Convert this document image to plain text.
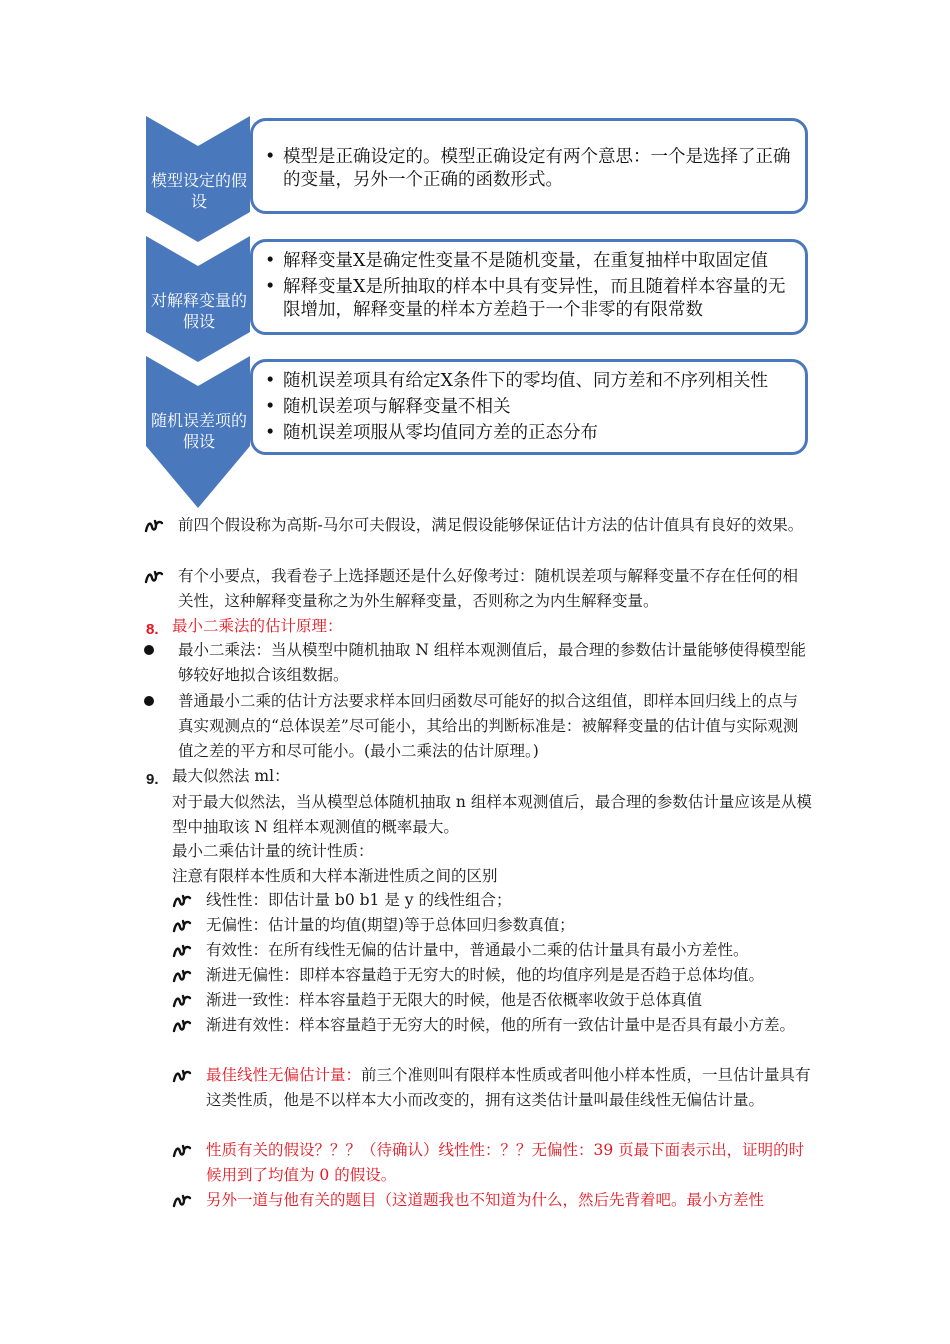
模型设定的假设
对解释变量的假设
随机误差项的假设
• 模型是正确设定的。模型正确设定有两个意思：一个是选择了正确的变量，另外一个正确的函数形式。
• 解释变量X是确定性变量不是随机变量，在重复抽样中取固定值
• 解释变量X是所抽取的样本中具有变异性，而且随着样本容量的无限增加，解释变量的样本方差趋于一个非零的有限常数
• 随机误差项具有给定X条件下的零均值、同方差和不序列相关性
• 随机误差项与解释变量不相关
• 随机误差项服从零均值同方差的正态分布
前四个假设称为高斯-马尔可夫假设，满足假设能够保证估计方法的估计值具有良好的效果。
有个小要点，我看卷子上选择题还是什么好像考过：随机误差项与解释变量不存在任何的相关性，这种解释变量称之为外生解释变量，否则称之为内生解释变量。
8. 最小二乘法的估计原理：
最小二乘法：当从模型中随机抽取 N 组样本观测值后，最合理的参数估计量能够使得模型能够较好地拟合该组数据。
普通最小二乘的估计方法要求样本回归函数尽可能好的拟合这组值，即样本回归线上的点与真实观测点的“总体误差”尽可能小，其给出的判断标准是：被解释变量的估计值与实际观测值之差的平方和尽可能小。(最小二乘法的估计原理。)
9. 最大似然法 ml：
对于最大似然法，当从模型总体随机抽取 n 组样本观测值后，最合理的参数估计量应该是从模型中抽取该 N 组样本观测值的概率最大。
最小二乘估计量的统计性质：
注意有限样本性质和大样本渐进性质之间的区别
线性性：即估计量 b0 b1 是 y 的线性组合；
无偏性：估计量的均值(期望)等于总体回归参数真值；
有效性：在所有线性无偏的估计量中，普通最小二乘的估计量具有最小方差性。
渐进无偏性：即样本容量趋于无穷大的时候，他的均值序列是是否趋于总体均值。
渐进一致性：样本容量趋于无限大的时候，他是否依概率收敛于总体真值
渐进有效性：样本容量趋于无穷大的时候，他的所有一致估计量中是否具有最小方差。
最佳线性无偏估计量：前三个准则叫有限样本性质或者叫他小样本性质，一旦估计量具有这类性质，他是不以样本大小而改变的，拥有这类估计量叫最佳线性无偏估计量。
性质有关的假设？？？（待确认）线性性：？？无偏性：39 页最下面表示出，证明的时候用到了均值为 0 的假设。
另外一道与他有关的题目（这道题我也不知道为什么，然后先背着吧。最小方差性
